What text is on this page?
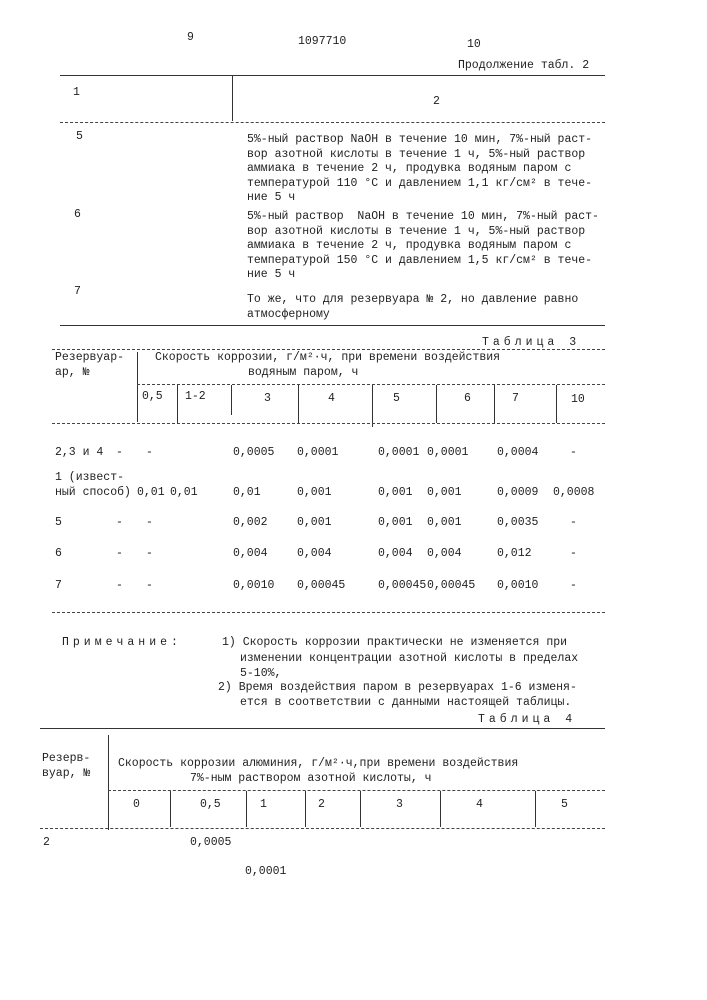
9	1097710	10
Продолжение табл. 2
1
2
5	5%-ный раствор NaOH в течение 10 мин, 7%-ный раст-
вор азотной кислоты в течение 1 ч, 5%-ный раствор
аммиака в течение 2 ч, продувка водяным паром с
температурой 110 °С и давлением 1,1 кг/см² в тече-
ние 5 ч
6	5%-ный раствор  NaOH в течение 10 мин, 7%-ный раст-
вор азотной кислоты в течение 1 ч, 5%-ный раствор
аммиака в течение 2 ч, продувка водяным паром с
температурой 150 °С и давлением 1,5 кг/см² в тече-
ние 5 ч
7
То же, что для резервуара № 2, но давление равно
атмосферному
Таблица 3
Резервуар-
ар, №
Скорость коррозии, г/м²·ч, при времени воздействия
водяным паром, ч
0,5 1-2	3	4	5	6	7	10
2,3 и 4 - -	0,0005 0,0001	0,0001 0,0001 0,0004	-
1 (извест-
ный способ) 0,01 0,01	0,01	0,001	0,001 0,001	0,0009 0,0008
5	- -	0,002	0,001	0,001 0,001	0,0035	-
6	- -	0,004	0,004	0,004 0,004	0,012	-
7	- -	0,0010 0,00045	0,00045 0,00045 0,0010	-
Примечание:	1) Скорость коррозии практически не изменяется при
изменении концентрации азотной кислоты в пределах
5-10%,
2) Время воздействия паром в резервуарах 1-6 изменя-
ется в соответствии с данными настоящей таблицы.
Таблица 4
Резерв-
вуар, №
Скорость коррозии алюминия, г/м²·ч,при времени воздействия
7%-ным раствором азотной кислоты, ч
0	0,5	1	2	3	4	5
2	0,0005
0,0001
